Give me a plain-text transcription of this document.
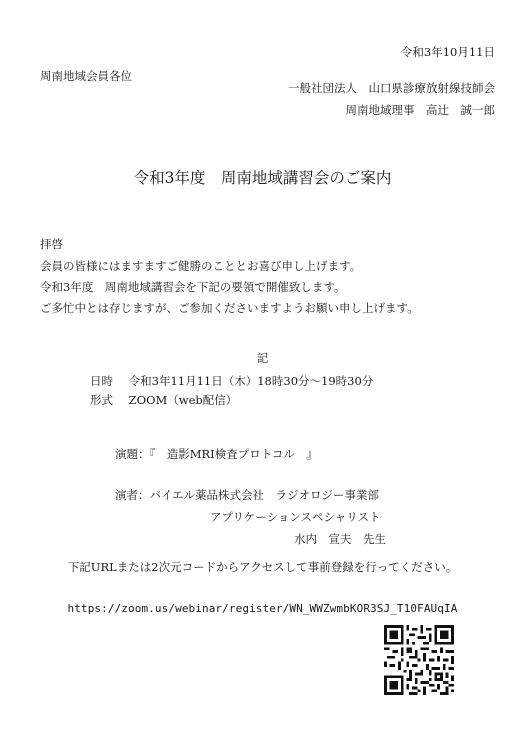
令和3年10月11日
周南地域会員各位
一般社団法人　山口県診療放射線技師会
周南地域理事　高辻　誠一郎
令和3年度　周南地域講習会のご案内
拝啓
会員の皆様にはますますご健勝のこととお喜び申し上げます。
令和3年度　周南地域講習会を下記の要領で開催致します。
ご多忙中とは存じますが、ご参加くださいますようお願い申し上げます。
記
日時 令和3年11月11日（木）18時30分～19時30分
形式 ZOOM（web配信）
演題：『　造影MRI検査プロトコル　』
演者：バイエル薬品株式会社　ラジオロジー事業部
アプリケーションスペシャリスト
水内　宣夫　先生
下記URLまたは2次元コードからアクセスして事前登録を行ってください。
https://zoom.us/webinar/register/WN_WWZwmbKOR3SJ_T10FAUqIA
